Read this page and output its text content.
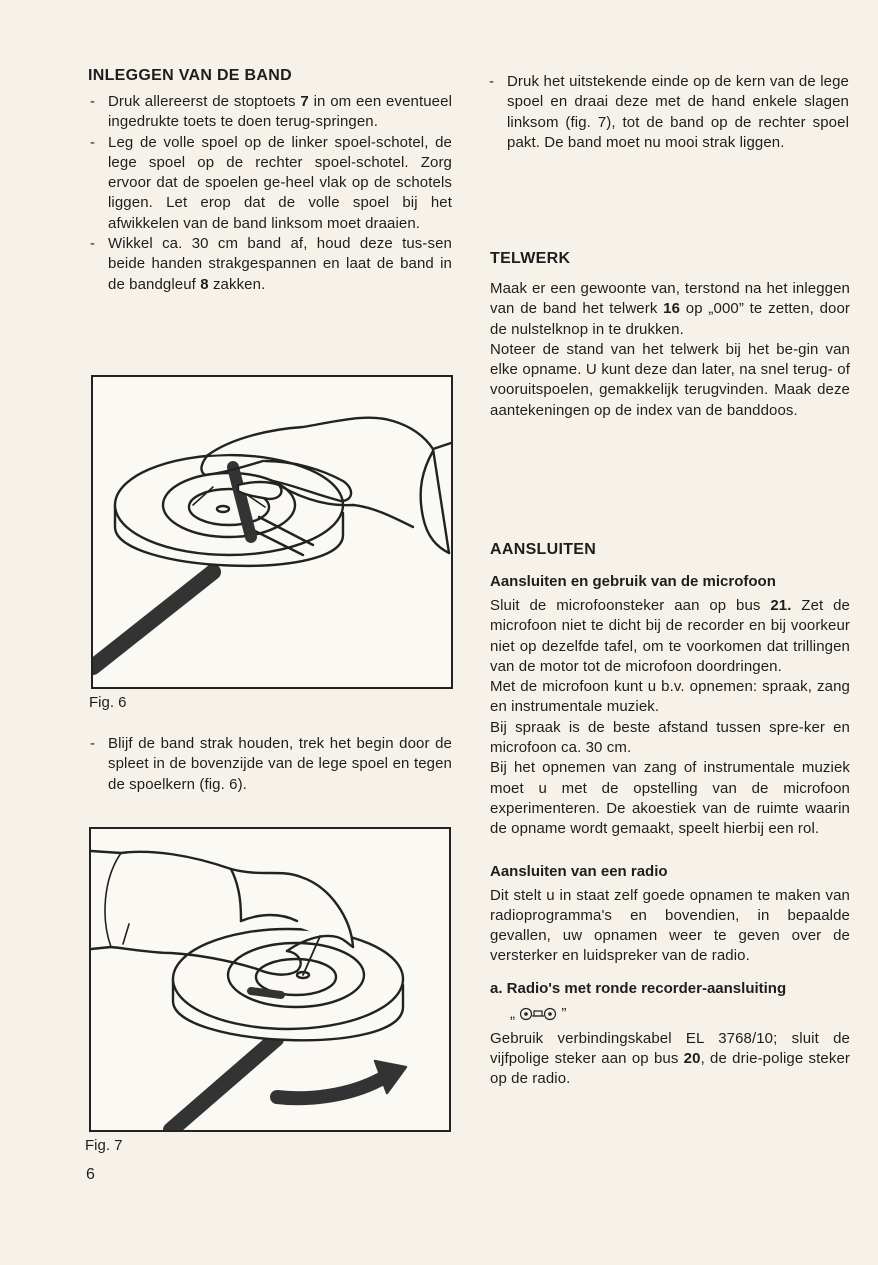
INLEGGEN VAN DE BAND
- Druk allereerst de stoptoets 7 in om een eventueel ingedrukte toets te doen terug-springen.
- Leg de volle spoel op de linker spoel-schotel, de lege spoel op de rechter spoel-schotel. Zorg ervoor dat de spoelen ge-heel vlak op de schotels liggen. Let erop dat de volle spoel bij het afwikkelen van de band linksom moet draaien.
- Wikkel ca. 30 cm band af, houd deze tus-sen beide handen strakgespannen en laat de band in de bandgleuf 8 zakken.
Fig. 6
- Blijf de band strak houden, trek het begin door de spleet in de bovenzijde van de lege spoel en tegen de spoelkern (fig. 6).
Fig. 7
6
- Druk het uitstekende einde op de kern van de lege spoel en draai deze met de hand enkele slagen linksom (fig. 7), tot de band op de rechter spoel pakt. De band moet nu mooi strak liggen.
TELWERK

Maak er een gewoonte van, terstond na het inleggen van de band het telwerk 16 op „000” te zetten, door de nulstelknop in te drukken.

Noteer de stand van het telwerk bij het be-gin van elke opname. U kunt deze dan later, na snel terug- of vooruitspoelen, gemakkelijk terugvinden. Maak deze aantekeningen op de index van de banddoos.

AANSLUITEN
Aansluiten en gebruik van de microfoon

Sluit de microfoonsteker aan op bus 21. Zet de microfoon niet te dicht bij de recorder en bij voorkeur niet op dezelfde tafel, om te voorkomen dat trillingen van de motor tot de microfoon doordringen.

Met de microfoon kunt u b.v. opnemen: spraak, zang en instrumentale muziek.

Bij spraak is de beste afstand tussen spre-ker en microfoon ca. 30 cm.

Bij het opnemen van zang of instrumentale muziek moet u met de opstelling van de microfoon experimenteren. De akoestiek van de ruimte waarin de opname wordt gemaakt, speelt hierbij een rol.

Aansluiten van een radio

Dit stelt u in staat zelf goede opnamen te maken van radioprogramma's en bovendien, in bepaalde gevallen, uw opnamen weer te geven over de versterker en luidspreker van de radio.

a. Radio's met ronde recorder-aansluiting
„	”

Gebruik verbindingskabel EL 3768/10; sluit de vijfpolige steker aan op bus 20, de drie-polige steker op de radio.
